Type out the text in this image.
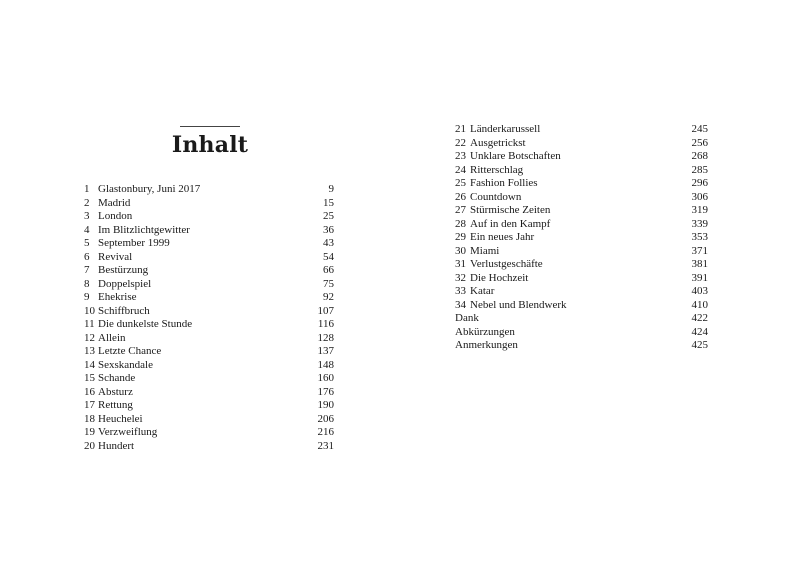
Inhalt
1 Glastonbury, Juni 2017	9
2 Madrid	15
3 London	25
4 Im Blitzlichtgewitter	36
5 September 1999	43
6 Revival	54
7 Bestürzung	66
8 Doppelspiel	75
9 Ehekrise	92
10 Schiffbruch	107
11 Die dunkelste Stunde	116
12 Allein	128
13 Letzte Chance	137
14 Sexskandale	148
15 Schande	160
16 Absturz	176
17 Rettung	190
18 Heuchelei	206
19 Verzweiflung	216
20 Hundert	231
21 Länderkarussell	245
22 Ausgetrickst	256
23 Unklare Botschaften	268
24 Ritterschlag	285
25 Fashion Follies	296
26 Countdown	306
27 Stürmische Zeiten	319
28 Auf in den Kampf	339
29 Ein neues Jahr	353
30 Miami	371
31 Verlustgeschäfte	381
32 Die Hochzeit	391
33 Katar	403
34 Nebel und Blendwerk	410
Dank	422
Abkürzungen	424
Anmerkungen	425
